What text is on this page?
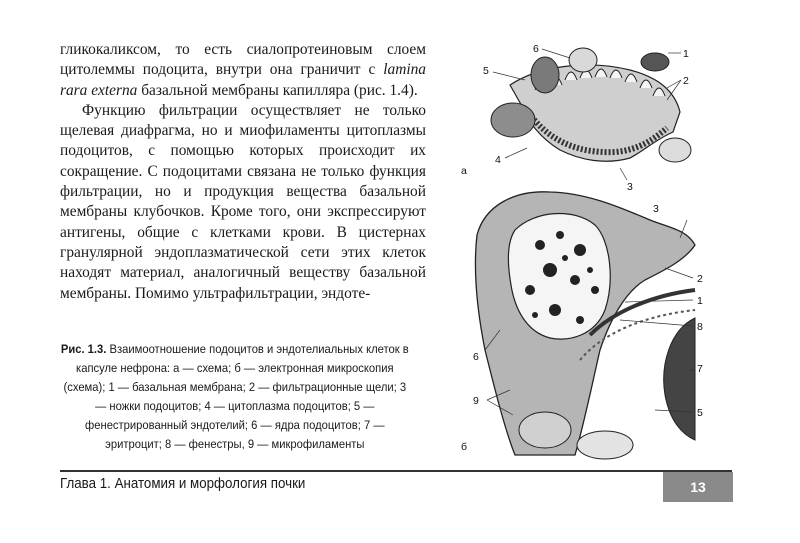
гликокаликсом, то есть сиалопротеиновым слоем цитолеммы подоцита, внутри она граничит с lamina rara externa базальной мембраны капилляра (рис. 1.4).

Функцию фильтрации осуществляет не только щелевая диафрагма, но и миофиламенты цитоплазмы подоцитов, с помощью которых происходит их сокращение. С подоцитами связана не только функция фильтрации, но и продукция вещества базальной мембраны клубочков. Кроме того, они экспрессируют антигены, общие с клетками крови. В цистернах гранулярной эндоплазматической сети этих клеток находят материал, аналогичный веществу базальной мембраны. Помимо ультрафильтрации, эндоте-

Рис. 1.3. Взаимоотношение подоцитов и эндотелиальных клеток в капсуле нефрона: а — схема; б — электронная микроскопия (схема); 1 — базальная мембрана; 2 — фильтрационные щели; 3 — ножки подоцитов; 4 — цитоплазма подоцитов; 5 — фенестрированный эндотелий; 6 — ядра подоцитов; 7 — эритроцит; 8 — фенестры, 9 — микрофиламенты
1
2
3
4
5
6
а
3
2
1
8
7
6
9
5
б
Глава 1. Анатомия и морфология почки	13
